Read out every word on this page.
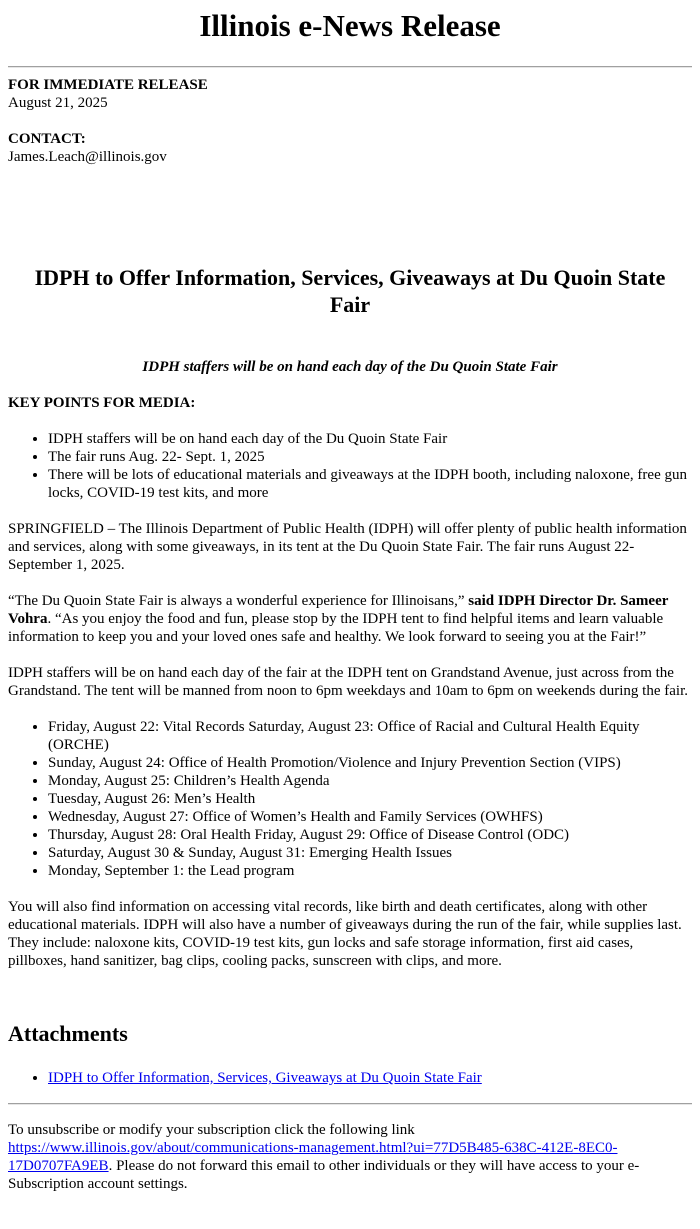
Illinois e-News Release
FOR IMMEDIATE RELEASE
August 21, 2025
CONTACT:
James.Leach@illinois.gov
IDPH to Offer Information, Services, Giveaways at Du Quoin State Fair
IDPH staffers will be on hand each day of the Du Quoin State Fair
KEY POINTS FOR MEDIA:
• IDPH staffers will be on hand each day of the Du Quoin State Fair
• The fair runs Aug. 22- Sept. 1, 2025
• There will be lots of educational materials and giveaways at the IDPH booth, including naloxone, free gun locks, COVID-19 test kits, and more

SPRINGFIELD – The Illinois Department of Public Health (IDPH) will offer plenty of public health information and services, along with some giveaways, in its tent at the Du Quoin State Fair. The fair runs August 22-September 1, 2025.

“The Du Quoin State Fair is always a wonderful experience for Illinoisans,” said IDPH Director Dr. Sameer Vohra. “As you enjoy the food and fun, please stop by the IDPH tent to find helpful items and learn valuable information to keep you and your loved ones safe and healthy. We look forward to seeing you at the Fair!”

IDPH staffers will be on hand each day of the fair at the IDPH tent on Grandstand Avenue, just across from the Grandstand. The tent will be manned from noon to 6pm weekdays and 10am to 6pm on weekends during the fair.

• Friday, August 22: Vital Records Saturday, August 23: Office of Racial and Cultural Health Equity (ORCHE)
• Sunday, August 24: Office of Health Promotion/Violence and Injury Prevention Section (VIPS)
• Monday, August 25: Children’s Health Agenda
• Tuesday, August 26: Men’s Health
• Wednesday, August 27: Office of Women’s Health and Family Services (OWHFS)
• Thursday, August 28: Oral Health Friday, August 29: Office of Disease Control (ODC)
• Saturday, August 30 & Sunday, August 31: Emerging Health Issues
• Monday, September 1: the Lead program

You will also find information on accessing vital records, like birth and death certificates, along with other educational materials. IDPH will also have a number of giveaways during the run of the fair, while supplies last. They include: naloxone kits, COVID-19 test kits, gun locks and safe storage information, first aid cases, pillboxes, hand sanitizer, bag clips, cooling packs, sunscreen with clips, and more.

Attachments
• IDPH to Offer Information, Services, Giveaways at Du Quoin State Fair
To unsubscribe or modify your subscription click the following link
https://www.illinois.gov/about/communications-management.html?ui=77D5B485-638C-412E-8EC0-17D0707FA9EB. Please do not forward this email to other individuals or they will have access to your e-Subscription account settings.
